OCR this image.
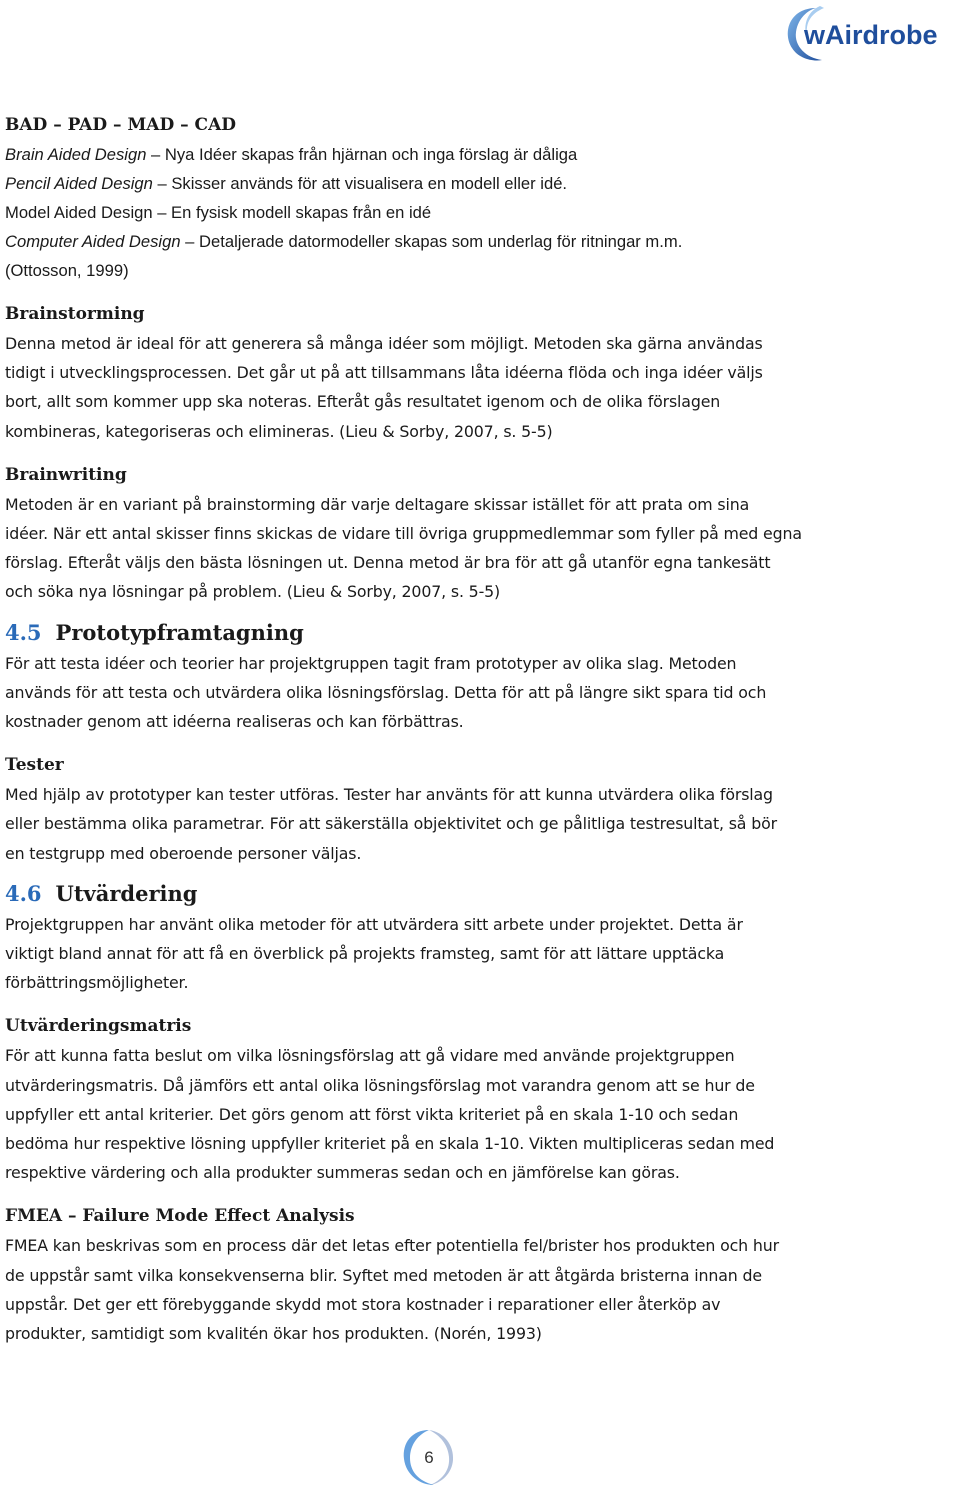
wAirdrobe

BAD – PAD – MAD – CAD

Brain Aided Design – Nya Idéer skapas från hjärnan och inga förslag är dåliga

Pencil Aided Design – Skisser används för att visualisera en modell eller idé.

Model Aided Design – En fysisk modell skapas från en idé

Computer Aided Design – Detaljerade datormodeller skapas som underlag för ritningar m.m.

(Ottosson, 1999)

Brainstorming

Denna metod är ideal för att generera så många idéer som möjligt. Metoden ska gärna användas

tidigt i utvecklingsprocessen. Det går ut på att tillsammans låta idéerna flöda och inga idéer väljs

bort, allt som kommer upp ska noteras. Efteråt gås resultatet igenom och de olika förslagen

kombineras, kategoriseras och elimineras. (Lieu & Sorby, 2007, s. 5-5)

Brainwriting

Metoden är en variant på brainstorming där varje deltagare skissar istället för att prata om sina

idéer. När ett antal skisser finns skickas de vidare till övriga gruppmedlemmar som fyller på med egna

förslag. Efteråt väljs den bästa lösningen ut. Denna metod är bra för att gå utanför egna tankesätt

och söka nya lösningar på problem. (Lieu & Sorby, 2007, s. 5-5)

4.5 Prototypframtagning

För att testa idéer och teorier har projektgruppen tagit fram prototyper av olika slag. Metoden

används för att testa och utvärdera olika lösningsförslag. Detta för att på längre sikt spara tid och

kostnader genom att idéerna realiseras och kan förbättras.

Tester

Med hjälp av prototyper kan tester utföras. Tester har använts för att kunna utvärdera olika förslag

eller bestämma olika parametrar. För att säkerställa objektivitet och ge pålitliga testresultat, så bör

en testgrupp med oberoende personer väljas.

4.6 Utvärdering

Projektgruppen har använt olika metoder för att utvärdera sitt arbete under projektet. Detta är

viktigt bland annat för att få en överblick på projekts framsteg, samt för att lättare upptäcka

förbättringsmöjligheter.

Utvärderingsmatris

För att kunna fatta beslut om vilka lösningsförslag att gå vidare med använde projektgruppen

utvärderingsmatris. Då jämförs ett antal olika lösningsförslag mot varandra genom att se hur de

uppfyller ett antal kriterier. Det görs genom att först vikta kriteriet på en skala 1-10 och sedan

bedöma hur respektive lösning uppfyller kriteriet på en skala 1-10. Vikten multipliceras sedan med

respektive värdering och alla produkter summeras sedan och en jämförelse kan göras.

FMEA – Failure Mode Effect Analysis

FMEA kan beskrivas som en process där det letas efter potentiella fel/brister hos produkten och hur

de uppstår samt vilka konsekvenserna blir. Syftet med metoden är att åtgärda bristerna innan de

uppstår. Det ger ett förebyggande skydd mot stora kostnader i reparationer eller återköp av

produkter, samtidigt som kvalitén ökar hos produkten. (Norén, 1993)

6
